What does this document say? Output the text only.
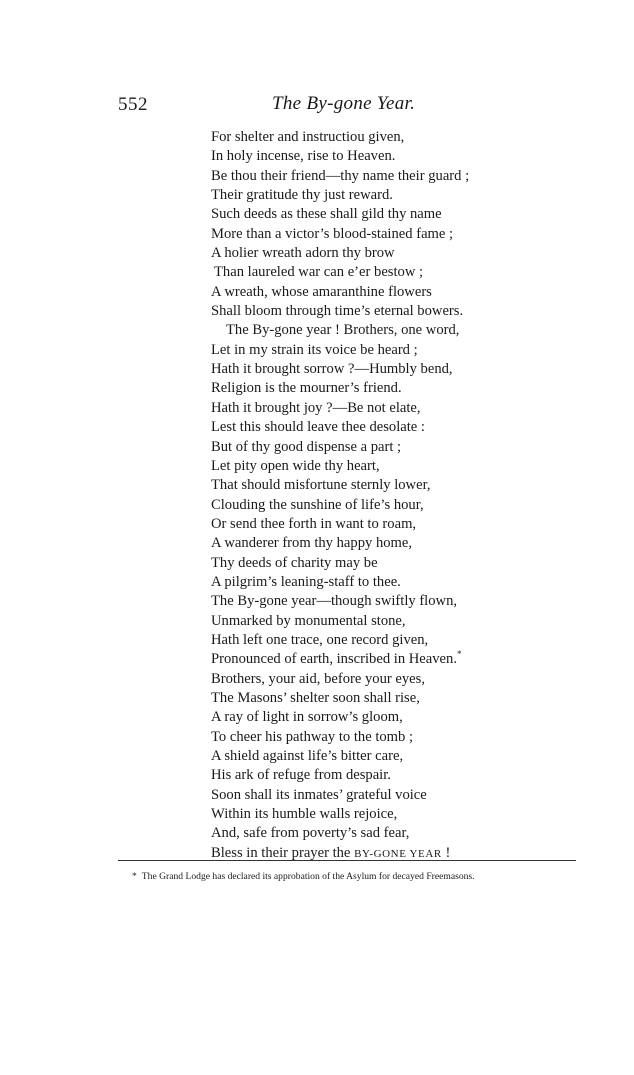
552	The By-gone Year.
For shelter and instructiou given,
In holy incense, rise to Heaven.
Be thou their friend—thy name their guard ;
Their gratitude thy just reward.
Such deeds as these shall gild thy name
More than a victor’s blood-stained fame ;
A holier wreath adorn thy brow
Than laureled war can e’er bestow ;
A wreath, whose amaranthine flowers
Shall bloom through time’s eternal bowers.
The By-gone year ! Brothers, one word,
Let in my strain its voice be heard ;
Hath it brought sorrow ?—Humbly bend,
Religion is the mourner’s friend.
Hath it brought joy ?—Be not elate,
Lest this should leave thee desolate :
But of thy good dispense a part ;
Let pity open wide thy heart,
That should misfortune sternly lower,
Clouding the sunshine of life’s hour,
Or send thee forth in want to roam,
A wanderer from thy happy home,
Thy deeds of charity may be
A pilgrim’s leaning-staff to thee.
The By-gone year—though swiftly flown,
Unmarked by monumental stone,
Hath left one trace, one record given,
Pronounced of earth, inscribed in Heaven.*
Brothers, your aid, before your eyes,
The Masons’ shelter soon shall rise,
A ray of light in sorrow’s gloom,
To cheer his pathway to the tomb ;
A shield against life’s bitter care,
His ark of refuge from despair.
Soon shall its inmates’ grateful voice
Within its humble walls rejoice,
And, safe from poverty’s sad fear,
Bless in their prayer the BY-GONE YEAR !
* The Grand Lodge has declared its approbation of the Asylum for decayed Freemasons.
